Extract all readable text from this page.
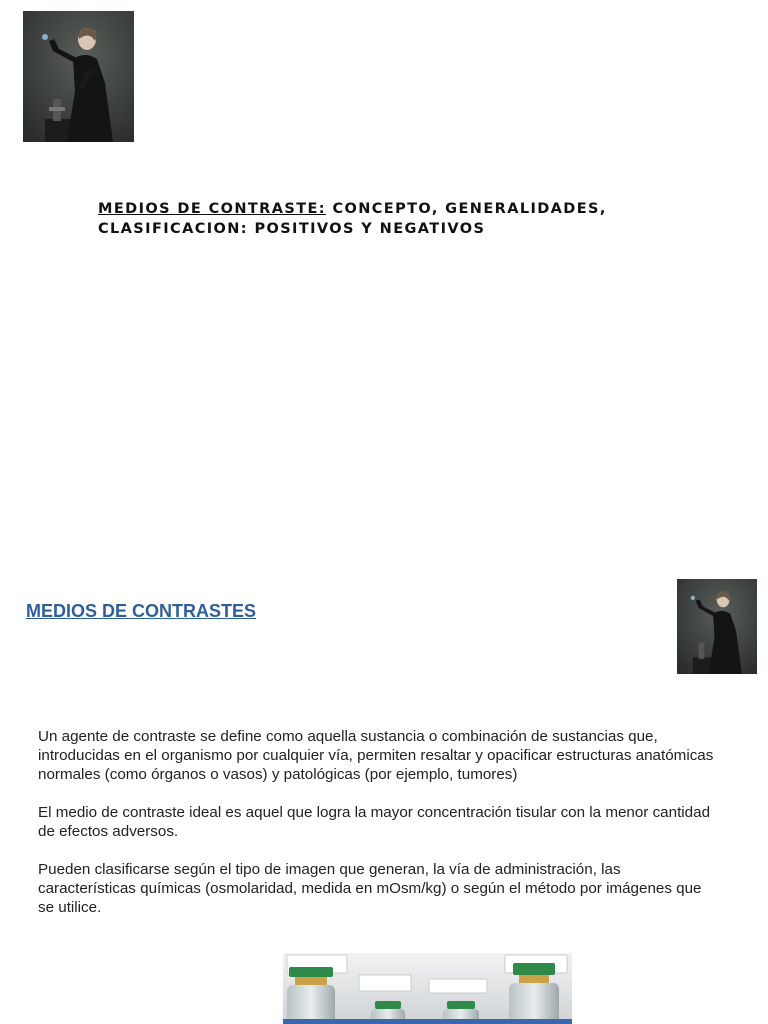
MEDIOS DE CONTRASTE: CONCEPTO, GENERALIDADES,
CLASIFICACION: POSITIVOS Y NEGATIVOS
MEDIOS DE CONTRASTES

Un agente de contraste se define como aquella sustancia o combinación de sustancias que, introducidas en el organismo por cualquier vía, permiten resaltar y opacificar estructuras anatómicas normales (como órganos o vasos) y patológicas (por ejemplo, tumores)

El medio de contraste ideal es aquel que logra la mayor concentración tisular con la menor cantidad de efectos adversos.

Pueden clasificarse según el tipo de imagen que generan, la vía de administración, las características químicas (osmolaridad, medida en mOsm/kg) o según el método por imágenes que se utilice.
